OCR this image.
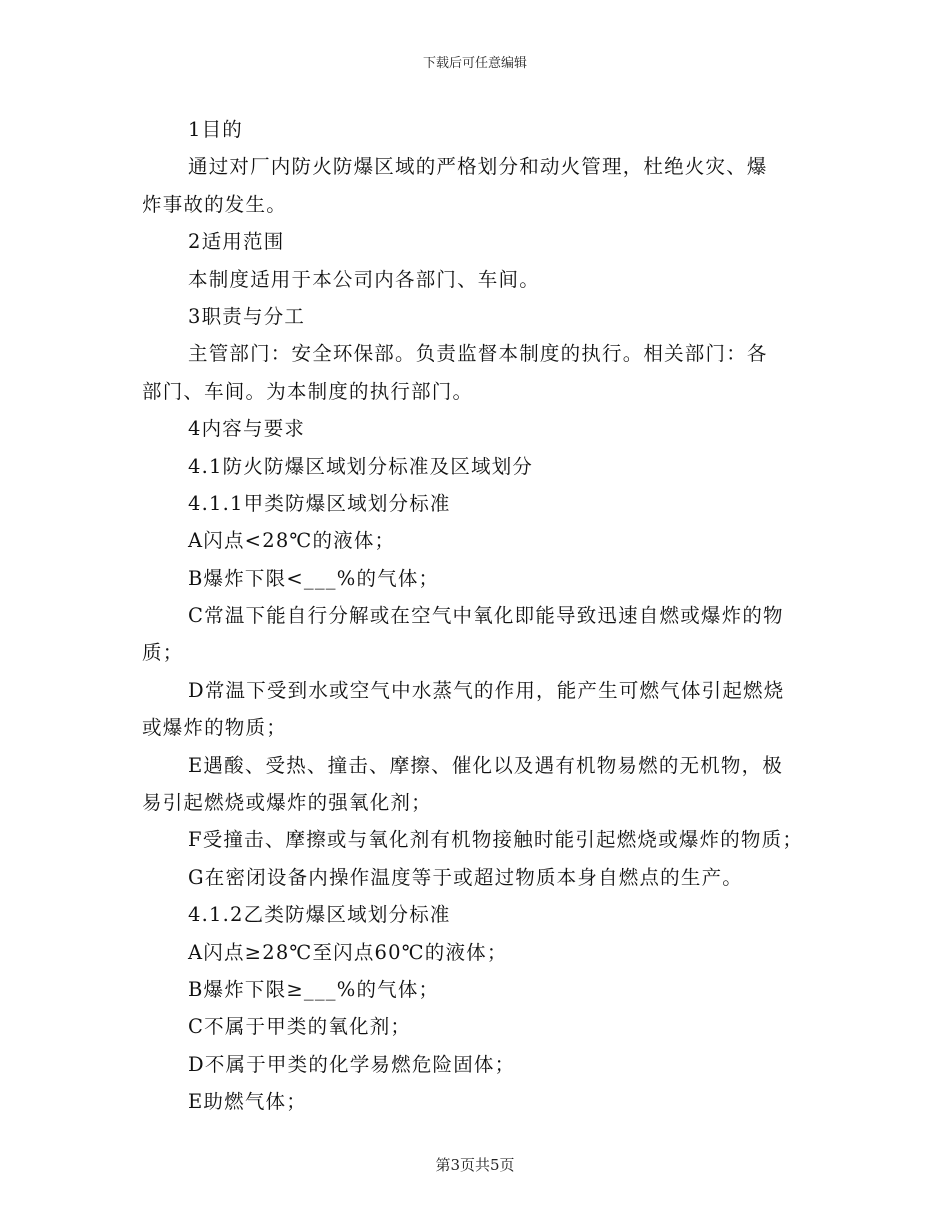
下载后可任意编辑
1目的
通过对厂内防火防爆区域的严格划分和动火管理，杜绝火灾、爆
炸事故的发生。
2适用范围
本制度适用于本公司内各部门、车间。
3职责与分工
主管部门：安全环保部。负责监督本制度的执行。相关部门：各
部门、车间。为本制度的执行部门。
4内容与要求
4.1防火防爆区域划分标准及区域划分
4.1.1甲类防爆区域划分标准
A闪点<28℃的液体；
B爆炸下限<___%的气体；
C常温下能自行分解或在空气中氧化即能导致迅速自燃或爆炸的物
质；
D常温下受到水或空气中水蒸气的作用，能产生可燃气体引起燃烧
或爆炸的物质；
E遇酸、受热、撞击、摩擦、催化以及遇有机物易燃的无机物，极
易引起燃烧或爆炸的强氧化剂；
F受撞击、摩擦或与氧化剂有机物接触时能引起燃烧或爆炸的物质；
G在密闭设备内操作温度等于或超过物质本身自燃点的生产。
4.1.2乙类防爆区域划分标准
A闪点≥28℃至闪点60℃的液体；
B爆炸下限≥___%的气体；
C不属于甲类的氧化剂；
D不属于甲类的化学易燃危险固体；
E助燃气体；
第3页共5页
